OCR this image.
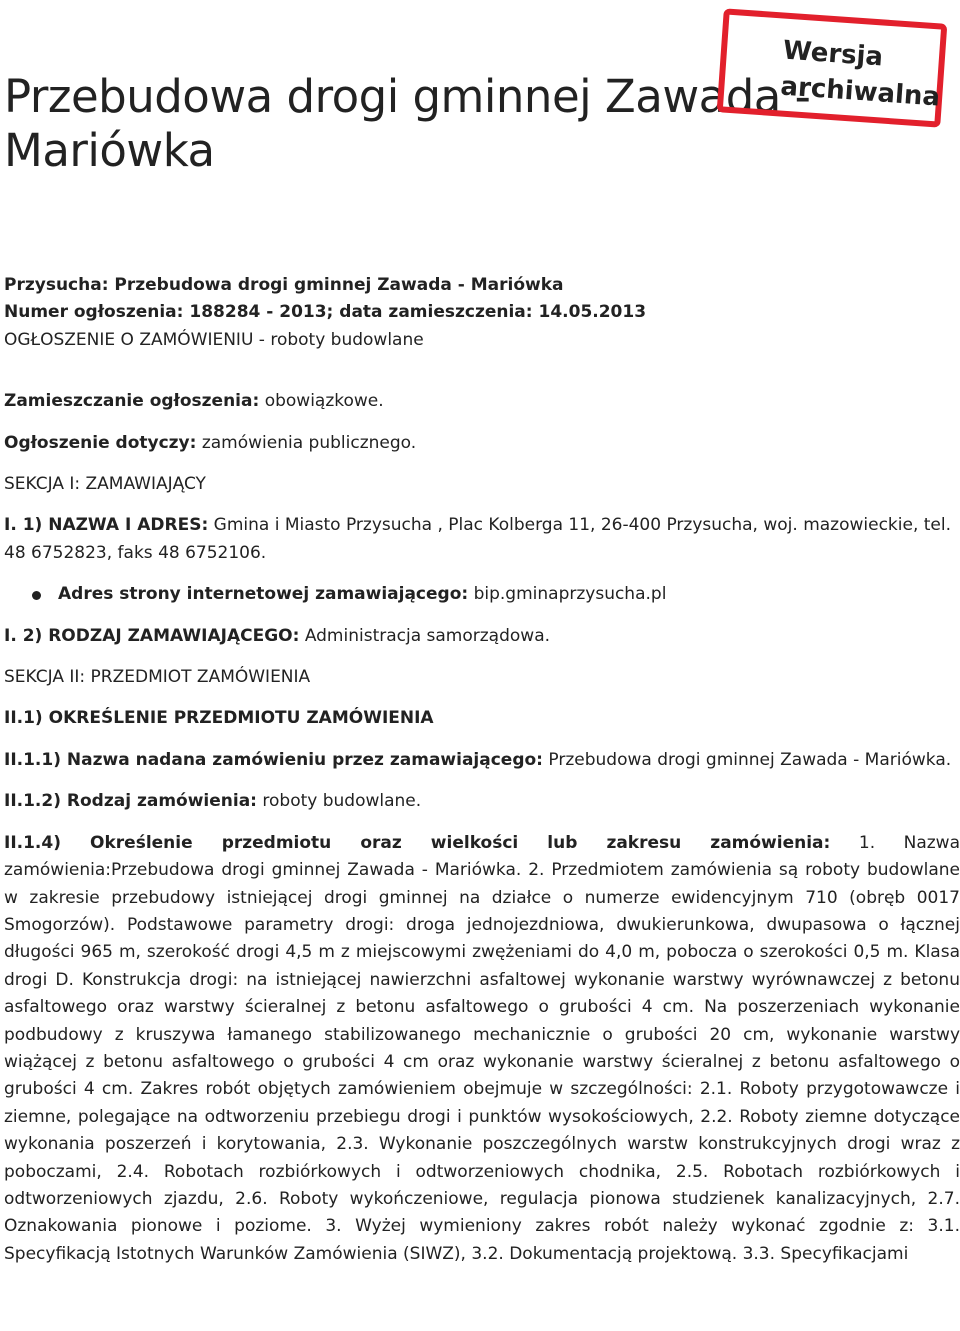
Przebudowa drogi gminnej Zawada - Mariówka
Wersja
archiwalna

Przysucha: Przebudowa drogi gminnej Zawada - Mariówka
Numer ogłoszenia: 188284 - 2013; data zamieszczenia: 14.05.2013
OGŁOSZENIE O ZAMÓWIENIU - roboty budowlane

Zamieszczanie ogłoszenia: obowiązkowe.

Ogłoszenie dotyczy: zamówienia publicznego.

SEKCJA I: ZAMAWIAJĄCY

I. 1) NAZWA I ADRES: Gmina i Miasto Przysucha , Plac Kolberga 11, 26-400 Przysucha, woj. mazowieckie, tel. 48 6752823, faks 48 6752106.

Adres strony internetowej zamawiającego: bip.gminaprzysucha.pl

I. 2) RODZAJ ZAMAWIAJĄCEGO: Administracja samorządowa.

SEKCJA II: PRZEDMIOT ZAMÓWIENIA

II.1) OKREŚLENIE PRZEDMIOTU ZAMÓWIENIA

II.1.1) Nazwa nadana zamówieniu przez zamawiającego: Przebudowa drogi gminnej Zawada - Mariówka.

II.1.2) Rodzaj zamówienia: roboty budowlane.

II.1.4) Określenie przedmiotu oraz wielkości lub zakresu zamówienia: 1. Nazwa zamówienia:Przebudowa drogi gminnej Zawada - Mariówka. 2. Przedmiotem zamówienia są roboty budowlane w zakresie przebudowy istniejącej drogi gminnej na działce o numerze ewidencyjnym 710 (obręb 0017 Smogorzów). Podstawowe parametry drogi: droga jednojezdniowa, dwukierunkowa, dwupasowa o łącznej długości 965 m, szerokość drogi 4,5 m z miejscowymi zwężeniami do 4,0 m, pobocza o szerokości 0,5 m. Klasa drogi D. Konstrukcja drogi: na istniejącej nawierzchni asfaltowej wykonanie warstwy wyrównawczej z betonu asfaltowego oraz warstwy ścieralnej z betonu asfaltowego o grubości 4 cm. Na poszerzeniach wykonanie podbudowy z kruszywa łamanego stabilizowanego mechanicznie o grubości 20 cm, wykonanie warstwy wiążącej z betonu asfaltowego o grubości 4 cm oraz wykonanie warstwy ścieralnej z betonu asfaltowego o grubości 4 cm. Zakres robót objętych zamówieniem obejmuje w szczególności: 2.1. Roboty przygotowawcze i ziemne, polegające na odtworzeniu przebiegu drogi i punktów wysokościowych, 2.2. Roboty ziemne dotyczące wykonania poszerzeń i korytowania, 2.3. Wykonanie poszczególnych warstw konstrukcyjnych drogi wraz z poboczami, 2.4. Robotach rozbiórkowych i odtworzeniowych chodnika, 2.5. Robotach rozbiórkowych i odtworzeniowych zjazdu, 2.6. Roboty wykończeniowe, regulacja pionowa studzienek kanalizacyjnych, 2.7. Oznakowania pionowe i poziome. 3. Wyżej wymieniony zakres robót należy wykonać zgodnie z: 3.1. Specyfikacją Istotnych Warunków Zamówienia (SIWZ), 3.2. Dokumentacją projektową. 3.3. Specyfikacjami
